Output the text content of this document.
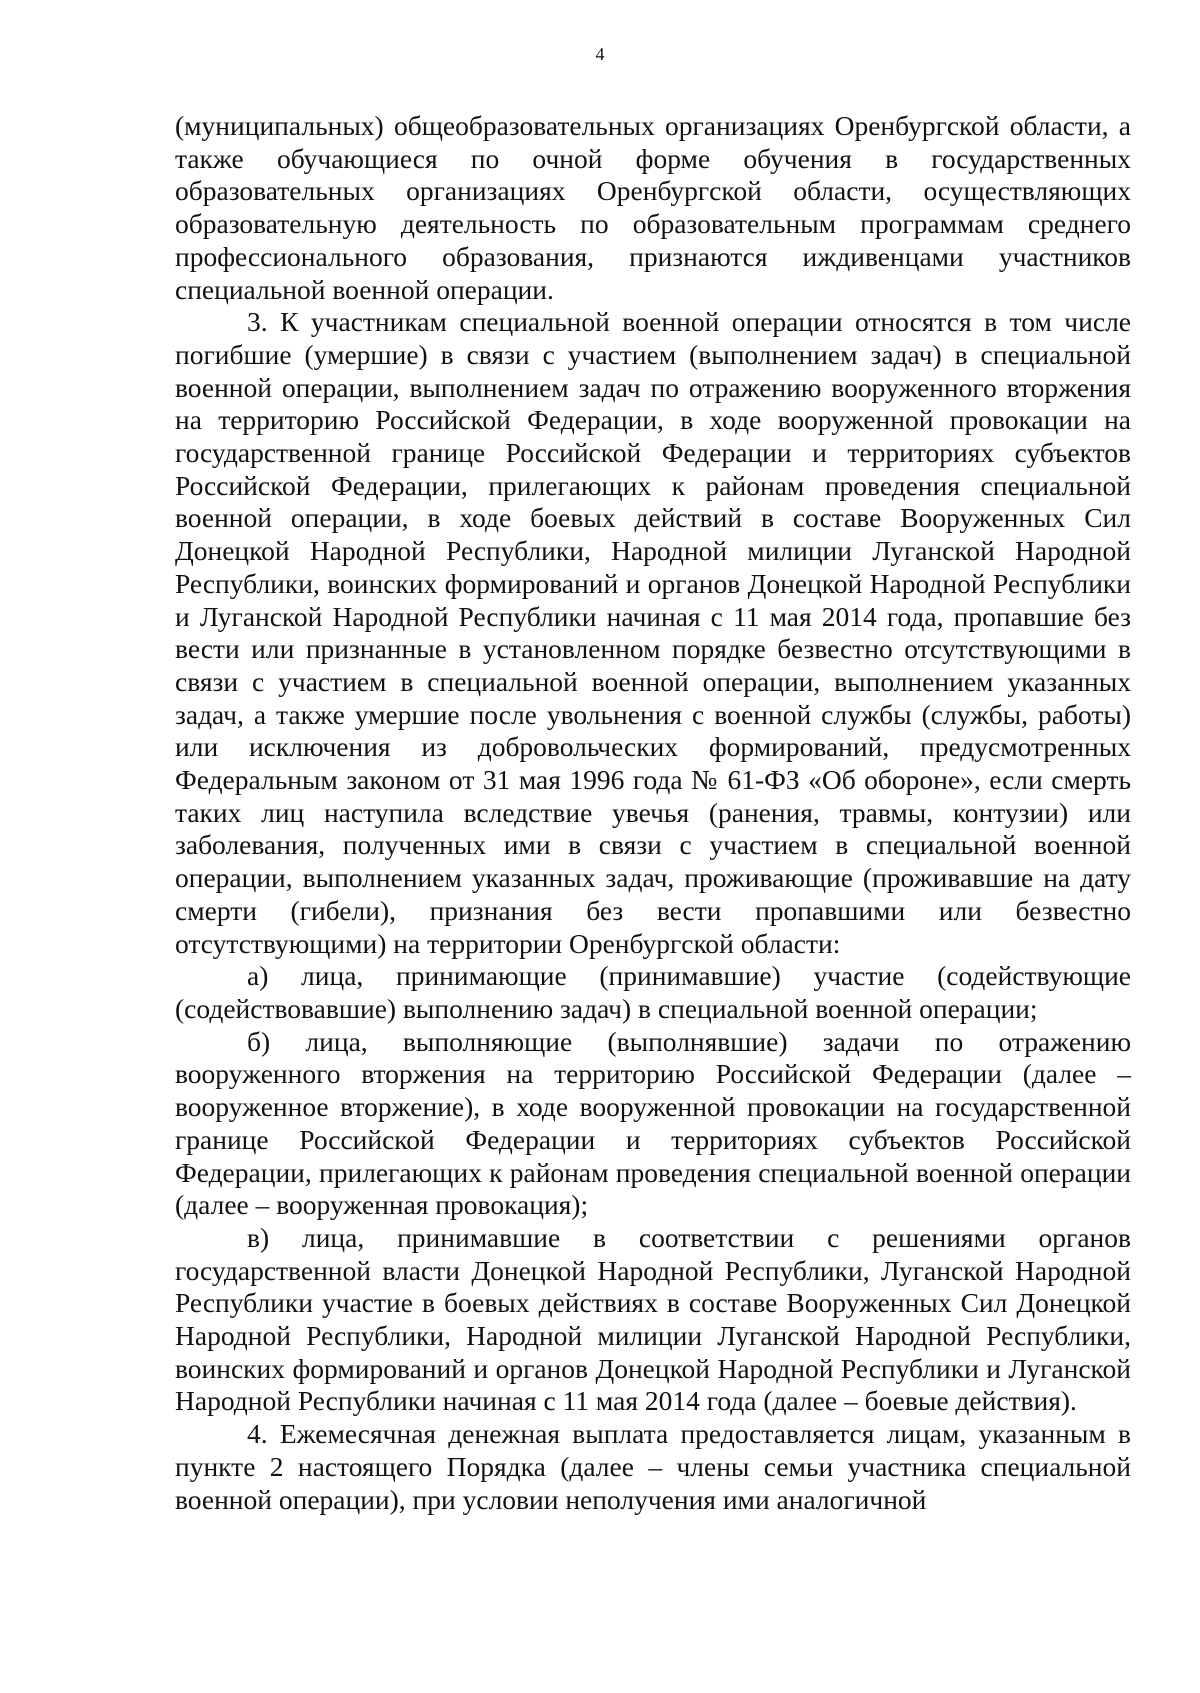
4

(муниципальных) общеобразовательных организациях Оренбургской области, а также обучающиеся по очной форме обучения в государственных образовательных организациях Оренбургской области, осуществляющих образовательную деятельность по образовательным программам среднего профессионального образования, признаются иждивенцами участников специальной военной операции.

3. К участникам специальной военной операции относятся в том числе погибшие (умершие) в связи с участием (выполнением задач) в специальной военной операции, выполнением задач по отражению вооруженного вторжения на территорию Российской Федерации, в ходе вооруженной провокации на государственной границе Российской Федерации и территориях субъектов Российской Федерации, прилегающих к районам проведения специальной военной операции, в ходе боевых действий в составе Вооруженных Сил Донецкой Народной Республики, Народной милиции Луганской Народной Республики, воинских формирований и органов Донецкой Народной Республики и Луганской Народной Республики начиная с 11 мая 2014 года, пропавшие без вести или признанные в установленном порядке безвестно отсутствующими в связи с участием в специальной военной операции, выполнением указанных задач, а также умершие после увольнения с военной службы (службы, работы) или исключения из добровольческих формирований, предусмотренных Федеральным законом от 31 мая 1996 года № 61-ФЗ «Об обороне», если смерть таких лиц наступила вследствие увечья (ранения, травмы, контузии) или заболевания, полученных ими в связи с участием в специальной военной операции, выполнением указанных задач, проживающие (проживавшие на дату смерти (гибели), признания без вести пропавшими или безвестно отсутствующими) на территории Оренбургской области:

а) лица, принимающие (принимавшие) участие (содействующие (содействовавшие) выполнению задач) в специальной военной операции;

б) лица, выполняющие (выполнявшие) задачи по отражению вооруженного вторжения на территорию Российской Федерации (далее – вооруженное вторжение), в ходе вооруженной провокации на государственной границе Российской Федерации и территориях субъектов Российской Федерации, прилегающих к районам проведения специальной военной операции (далее – вооруженная провокация);

в) лица, принимавшие в соответствии с решениями органов государственной власти Донецкой Народной Республики, Луганской Народной Республики участие в боевых действиях в составе Вооруженных Сил Донецкой Народной Республики, Народной милиции Луганской Народной Республики, воинских формирований и органов Донецкой Народной Республики и Луганской Народной Республики начиная с 11 мая 2014 года (далее – боевые действия).

4. Ежемесячная денежная выплата предоставляется лицам, указанным в пункте 2 настоящего Порядка (далее – члены семьи участника специальной военной операции), при условии неполучения ими аналогичной
